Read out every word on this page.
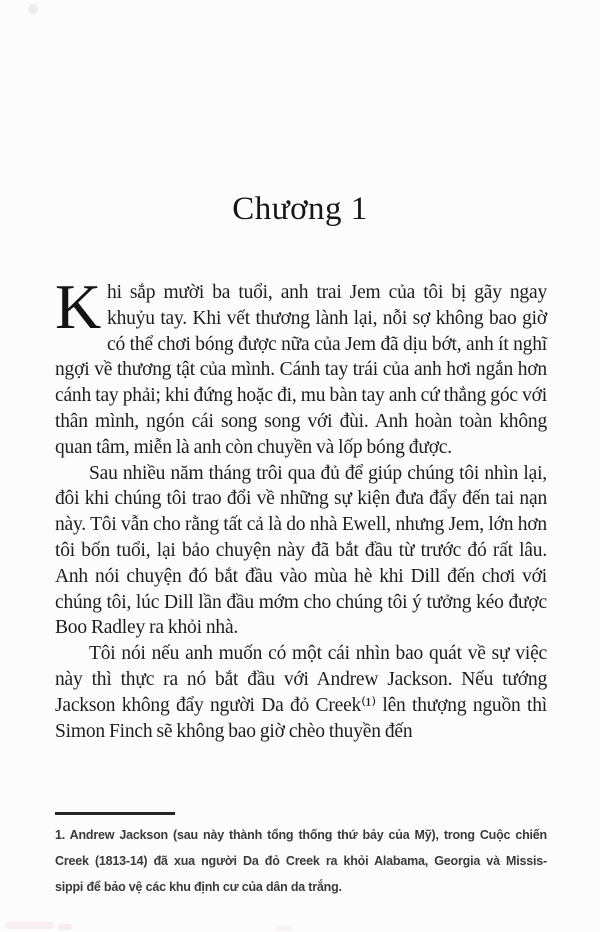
Chương 1

Khi sắp mười ba tuổi, anh trai Jem của tôi bị gãy ngay khuỷu tay. Khi vết thương lành lại, nỗi sợ không bao giờ có thể chơi bóng được nữa của Jem đã dịu bớt, anh ít nghĩ ngợi về thương tật của mình. Cánh tay trái của anh hơi ngắn hơn cánh tay phải; khi đứng hoặc đi, mu bàn tay anh cứ thẳng góc với thân mình, ngón cái song song với đùi. Anh hoàn toàn không quan tâm, miễn là anh còn chuyền và lốp bóng được.

Sau nhiều năm tháng trôi qua đủ để giúp chúng tôi nhìn lại, đôi khi chúng tôi trao đổi về những sự kiện đưa đẩy đến tai nạn này. Tôi vẫn cho rằng tất cả là do nhà Ewell, nhưng Jem, lớn hơn tôi bốn tuổi, lại bảo chuyện này đã bắt đầu từ trước đó rất lâu. Anh nói chuyện đó bắt đầu vào mùa hè khi Dill đến chơi với chúng tôi, lúc Dill lần đầu mớm cho chúng tôi ý tưởng kéo được Boo Radley ra khỏi nhà.

Tôi nói nếu anh muốn có một cái nhìn bao quát về sự việc này thì thực ra nó bắt đầu với Andrew Jackson. Nếu tướng Jackson không đẩy người Da đỏ Creek⁽¹⁾ lên thượng nguồn thì Simon Finch sẽ không bao giờ chèo thuyền đến

1. Andrew Jackson (sau này thành tổng thống thứ bảy của Mỹ), trong Cuộc chiến
Creek (1813-14) đã xua người Da đỏ Creek ra khỏi Alabama, Georgia và Missis-
sippi để bảo vệ các khu định cư của dân da trắng.
